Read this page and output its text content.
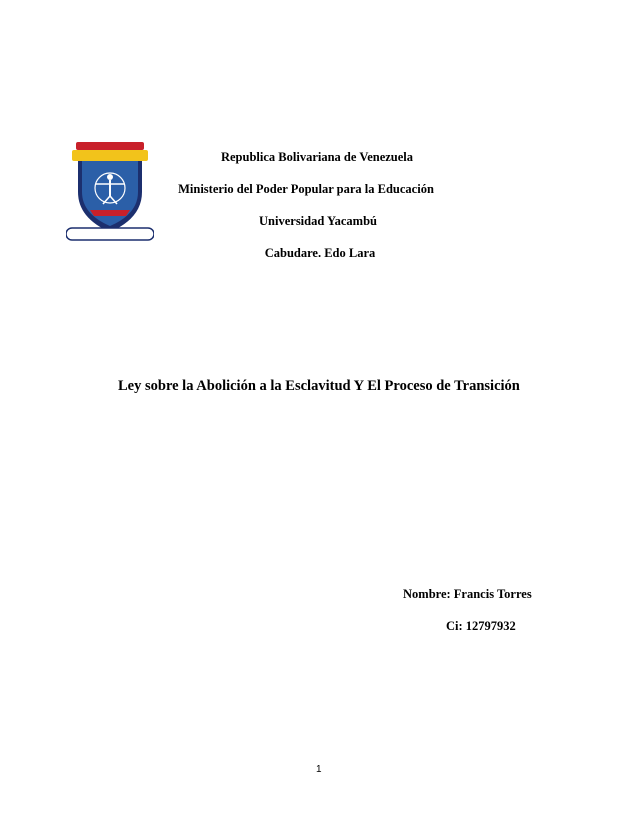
Republica Bolivariana de Venezuela
Ministerio del Poder Popular para la Educación
Universidad Yacambú
Cabudare. Edo Lara
Ley sobre la Abolición a la Esclavitud Y El Proceso de Transición
Nombre: Francis Torres
Ci: 12797932
1
